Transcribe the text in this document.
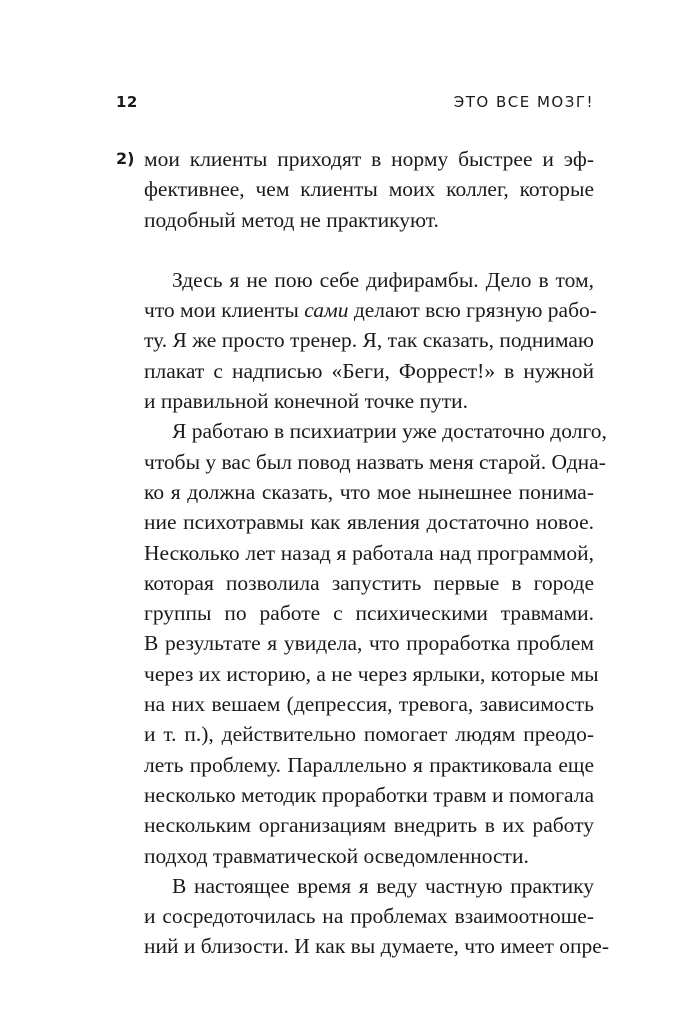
12	ЭТО ВСЕ МОЗГ!
2) мои клиенты приходят в норму быстрее и эф-
фективнее, чем клиенты моих коллег, которые
подобный метод не практикуют.
Здесь я не пою себе дифирамбы. Дело в том,
что мои клиенты сами делают всю грязную рабо-
ту. Я же просто тренер. Я, так сказать, поднимаю
плакат с надписью «Беги, Форрест!» в нужной
и правильной конечной точке пути.
Я работаю в психиатрии уже достаточно долго,
чтобы у вас был повод назвать меня старой. Одна-
ко я должна сказать, что мое нынешнее понима-
ние психотравмы как явления достаточно новое.
Несколько лет назад я работала над программой,
которая позволила запустить первые в городе
группы по работе с психическими травмами.
В результате я увидела, что проработка проблем
через их историю, а не через ярлыки, которые мы
на них вешаем (депрессия, тревога, зависимость
и т. п.), действительно помогает людям преодо-
леть проблему. Параллельно я практиковала еще
несколько методик проработки травм и помогала
нескольким организациям внедрить в их работу
подход травматической осведомленности.
В настоящее время я веду частную практику
и сосредоточилась на проблемах взаимоотноше-
ний и близости. И как вы думаете, что имеет опре-
